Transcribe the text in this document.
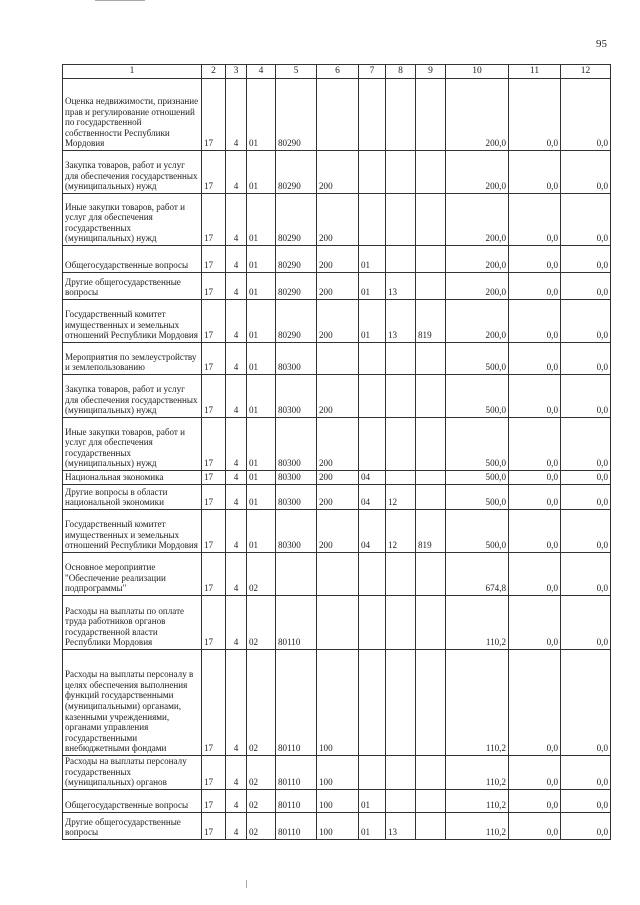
95
1	2	3	4	5	6	7	8	9	10	11	12
Оценка недвижимости, признание прав и регулирование отношений по государственной собственности Республики Мордовия	17	4	01	80290					200,0	0,0	0,0
Закупка товаров, работ и услуг для обеспечения государственных (муниципальных) нужд	17	4	01	80290	200				200,0	0,0	0,0
Иные закупки товаров, работ и услуг для обеспечения государственных (муниципальных) нужд	17	4	01	80290	200				200,0	0,0	0,0
Общегосударственные вопросы	17	4	01	80290	200	01			200,0	0,0	0,0
Другие общегосударственные вопросы	17	4	01	80290	200	01	13		200,0	0,0	0,0
Государственный комитет имущественных и земельных отношений Республики Мордовия	17	4	01	80290	200	01	13	819	200,0	0,0	0,0
Мероприятия по землеустройству и землепользованию	17	4	01	80300					500,0	0,0	0,0
Закупка товаров, работ и услуг для обеспечения государственных (муниципальных) нужд	17	4	01	80300	200				500,0	0,0	0,0
Иные закупки товаров, работ и услуг для обеспечения государственных (муниципальных) нужд	17	4	01	80300	200				500,0	0,0	0,0
Национальная экономика	17	4	01	80300	200	04			500,0	0,0	0,0
Другие вопросы в области национальной экономики	17	4	01	80300	200	04	12		500,0	0,0	0,0
Государственный комитет имущественных и земельных отношений Республики Мордовия	17	4	01	80300	200	04	12	819	500,0	0,0	0,0
Основное мероприятие "Обеспечение реализации подпрограммы"	17	4	02						674,8	0,0	0,0
Расходы на выплаты по оплате труда работников органов государственной власти Республики Мордовия	17	4	02	80110					110,2	0,0	0,0
Расходы на выплаты персоналу в целях обеспечения выполнения функций государственными (муниципальными) органами, казенными учреждениями, органами управления государственными внебюджетными фондами	17	4	02	80110	100				110,2	0,0	0,0
Расходы на выплаты персоналу государственных (муниципальных) органов	17	4	02	80110	100				110,2	0,0	0,0
Общегосударственные вопросы	17	4	02	80110	100	01			110,2	0,0	0,0
Другие общегосударственные вопросы	17	4	02	80110	100	01	13		110,2	0,0	0,0
